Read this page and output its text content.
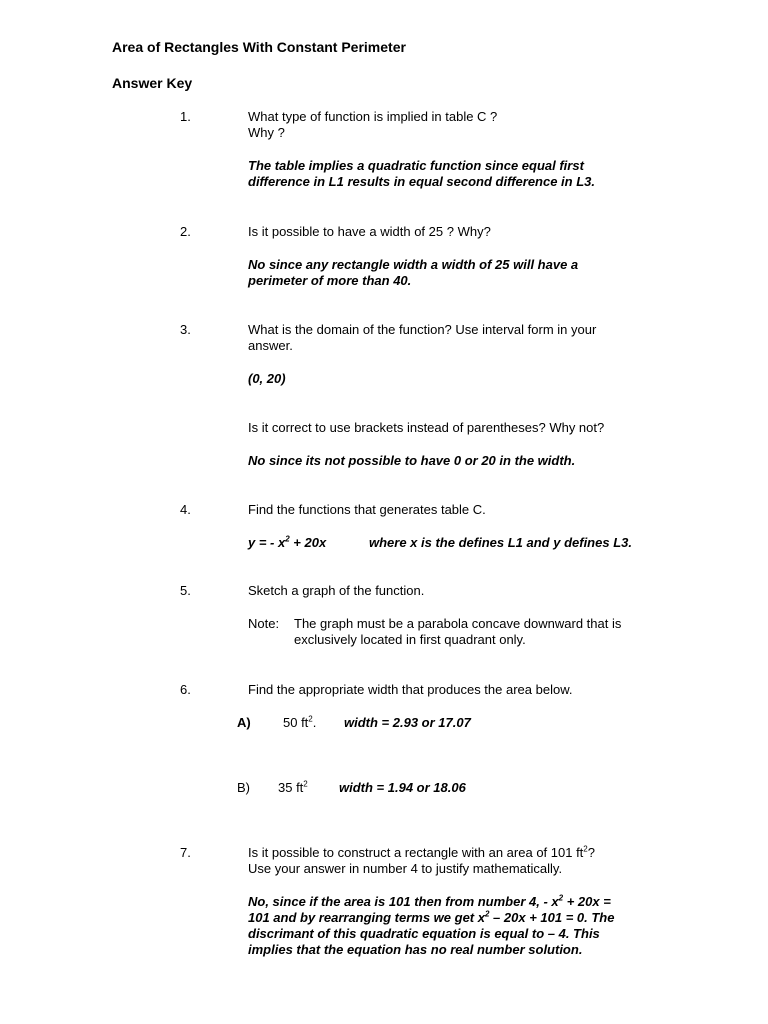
Area of Rectangles With Constant Perimeter
Answer Key
1.	What type of function is implied in table C ?
Why ?
The table implies a quadratic function since equal first
difference in L1 results in equal second difference in L3.
2.	Is it possible to have a width of 25 ? Why?
No since any rectangle width a width of 25 will have a
perimeter of more than 40.
3.	What is the domain of the function? Use interval form in your
answer.
(0, 20)
Is it correct to use brackets instead of parentheses? Why not?
No since its not possible to have 0 or 20 in the width.
4.	Find the functions that generates table C.
y = - $x^2 + 20x$	where x is the defines L1 and y defines L3.
5.	Sketch a graph of the function.
Note: The graph must be a parabola concave downward that is
exclusively located in first quadrant only.
6.	Find the appropriate width that produces the area below.
A) 50 $ft^2$. width = 2.93 or 17.07
B) 35 $ft^2$ width = 1.94 or 18.06
7.	Is it possible to construct a rectangle with an area of 101 $ft^2$?
Use your answer in number 4 to justify mathematically.
No, since if the area is 101 then from number 4, - $x^2 + 20x$ =
101 and by rearranging terms we get $x^2 - 20x + 101 = 0$. The
discrimant of this quadratic equation is equal to – 4. This
implies that the equation has no real number solution.
